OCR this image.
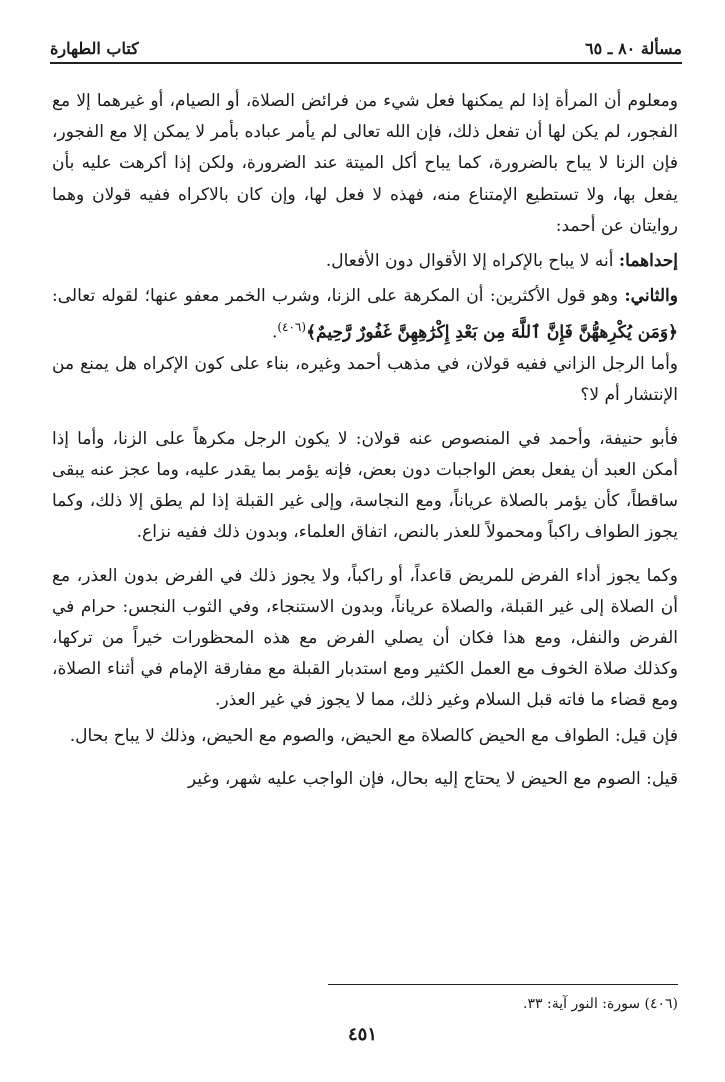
مسألة ٨٠ ـ ٦٥
كتاب الطهارة

ومعلوم أن المرأة إذا لم يمكنها فعل شيء من فرائض الصلاة، أو الصيام، أو غيرهما إلا مع الفجور، لم يكن لها أن تفعل ذلك، فإن الله تعالى لم يأمر عباده بأمر لا يمكن إلا مع الفجور، فإن الزنا لا يباح بالضرورة، كما يباح أكل الميتة عند الضرورة، ولكن إذا أكرهت عليه بأن يفعل بها، ولا تستطيع الإمتناع منه، فهذه لا فعل لها، وإن كان بالاكراه ففيه قولان وهما روايتان عن أحمد:

إحداهما: أنه لا يباح بالإكراه إلا الأقوال دون الأفعال.

والثاني: وهو قول الأكثرين: أن المكرهة على الزنا، وشرب الخمر معفو عنها؛ لقوله تعالى: ﴿وَمَن يُكْرِههُّنَّ فَإِنَّ ٱللَّهَ مِن بَعْدِ إِكْرَٰهِهِنَّ غَفُورٌ رَّحِيمٌ﴾$^{(٤٠٦)}$.

وأما الرجل الزاني ففيه قولان، في مذهب أحمد وغيره، بناء على كون الإكراه هل يمنع من الإنتشار أم لا؟

فأبو حنيفة، وأحمد في المنصوص عنه قولان: لا يكون الرجل مكرهاً على الزنا، وأما إذا أمكن العبد أن يفعل بعض الواجبات دون بعض، فإنه يؤمر بما يقدر عليه، وما عجز عنه يبقى ساقطاً، كأن يؤمر بالصلاة عرياناً، ومع النجاسة، وإلى غير القبلة إذا لم يطق إلا ذلك، وكما يجوز الطواف راكباً ومحمولاً للعذر بالنص، اتفاق العلماء، وبدون ذلك ففيه نزاع.

وكما يجوز أداء الفرض للمريض قاعداً، أو راكباً، ولا يجوز ذلك في الفرض بدون العذر، مع أن الصلاة إلى غير القبلة، والصلاة عرياناً، وبدون الاستنجاء، وفي الثوب النجس: حرام في الفرض والنفل، ومع هذا فكان أن يصلي الفرض مع هذه المحظورات خيراً من تركها، وكذلك صلاة الخوف مع العمل الكثير ومع استدبار القبلة مع مفارقة الإمام في أثناء الصلاة، ومع قضاء ما فاته قبل السلام وغير ذلك، مما لا يجوز في غير العذر.

فإن قيل: الطواف مع الحيض كالصلاة مع الحيض، والصوم مع الحيض، وذلك لا يباح بحال.

قيل: الصوم مع الحيض لا يحتاج إليه بحال، فإن الواجب عليه شهر، وغير

(٤٠٦) سورة: النور آية: ٣٣.
٤٥١
